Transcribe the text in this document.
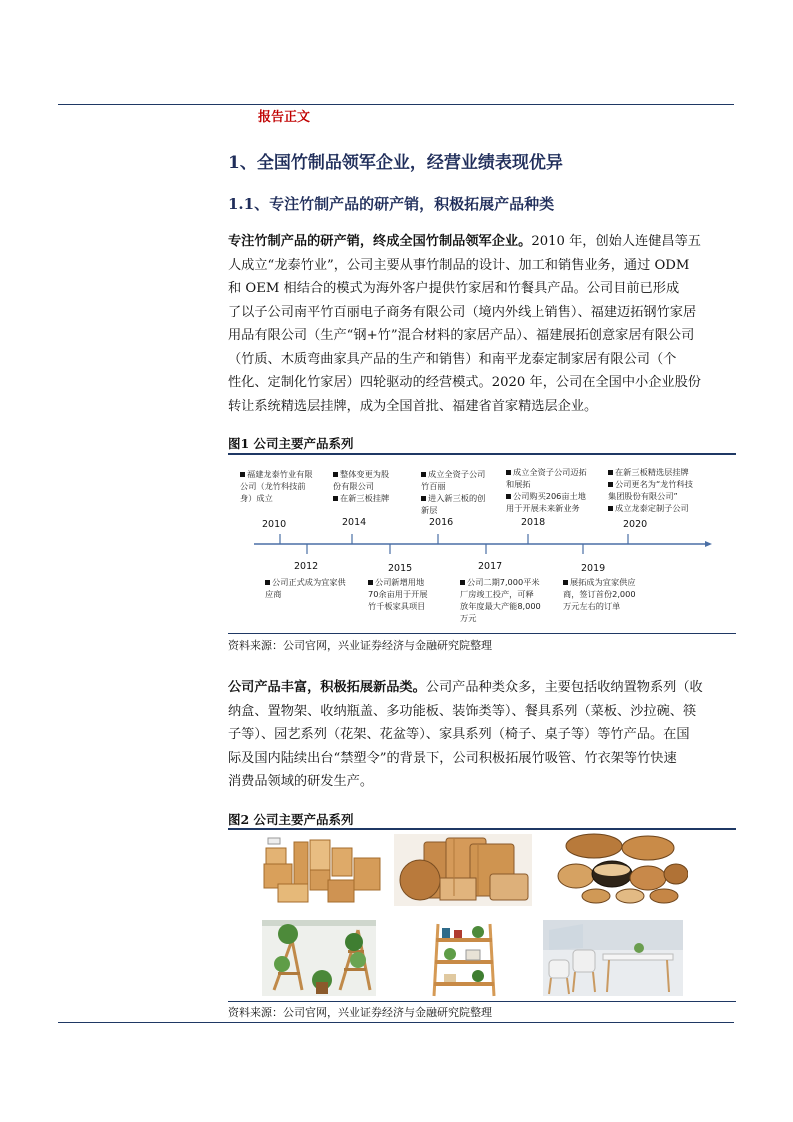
报告正文
1、全国竹制品领军企业，经营业绩表现优异
1.1、专注竹制产品的研产销，积极拓展产品种类
专注竹制产品的研产销，终成全国竹制品领军企业。2010 年，创始人连健昌等五
人成立“龙泰竹业”，公司主要从事竹制品的设计、加工和销售业务，通过 ODM
和 OEM 相结合的模式为海外客户提供竹家居和竹餐具产品。公司目前已形成
了以子公司南平竹百丽电子商务有限公司（境内外线上销售）、福建迈拓钢竹家居
用品有限公司（生产“钢+竹”混合材料的家居产品）、福建展拓创意家居有限公司
（竹质、木质弯曲家具产品的生产和销售）和南平龙泰定制家居有限公司（个
性化、定制化竹家居）四轮驱动的经营模式。2020 年，公司在全国中小企业股份
转让系统精选层挂牌，成为全国首批、福建省首家精选层企业。
图1 公司主要产品系列
2010
2012
2014
2015
2016
2017
2018
2019
2020
福建龙泰竹业有限
公司（龙竹科技前
身）成立
整体变更为股
份有限公司
在新三板挂牌
成立全资子公司
竹百丽
进入新三板的创
新层
成立全资子公司迈拓
和展拓
公司购买206亩土地
用于开展未来新业务
在新三板精选层挂牌
公司更名为“龙竹科技
集团股份有限公司”
成立龙泰定制子公司
公司正式成为宜家供
应商
公司新增用地
70余亩用于开展
竹千板家具项目
公司二期7,000平米
厂房竣工投产，可释
放年度最大产能8,000
万元
展拓成为宜家供应
商，签订首份2,000
万元左右的订单
资料来源：公司官网，兴业证券经济与金融研究院整理
公司产品丰富，积极拓展新品类。公司产品种类众多，主要包括收纳置物系列（收
纳盒、置物架、收纳瓶盖、多功能板、装饰类等）、餐具系列（菜板、沙拉碗、筷
子等）、园艺系列（花架、花盆等）、家具系列（椅子、桌子等）等竹产品。在国
际及国内陆续出台“禁塑令”的背景下，公司积极拓展竹吸管、竹衣架等竹快速
消费品领域的研发生产。
图2 公司主要产品系列
资料来源：公司官网，兴业证券经济与金融研究院整理
